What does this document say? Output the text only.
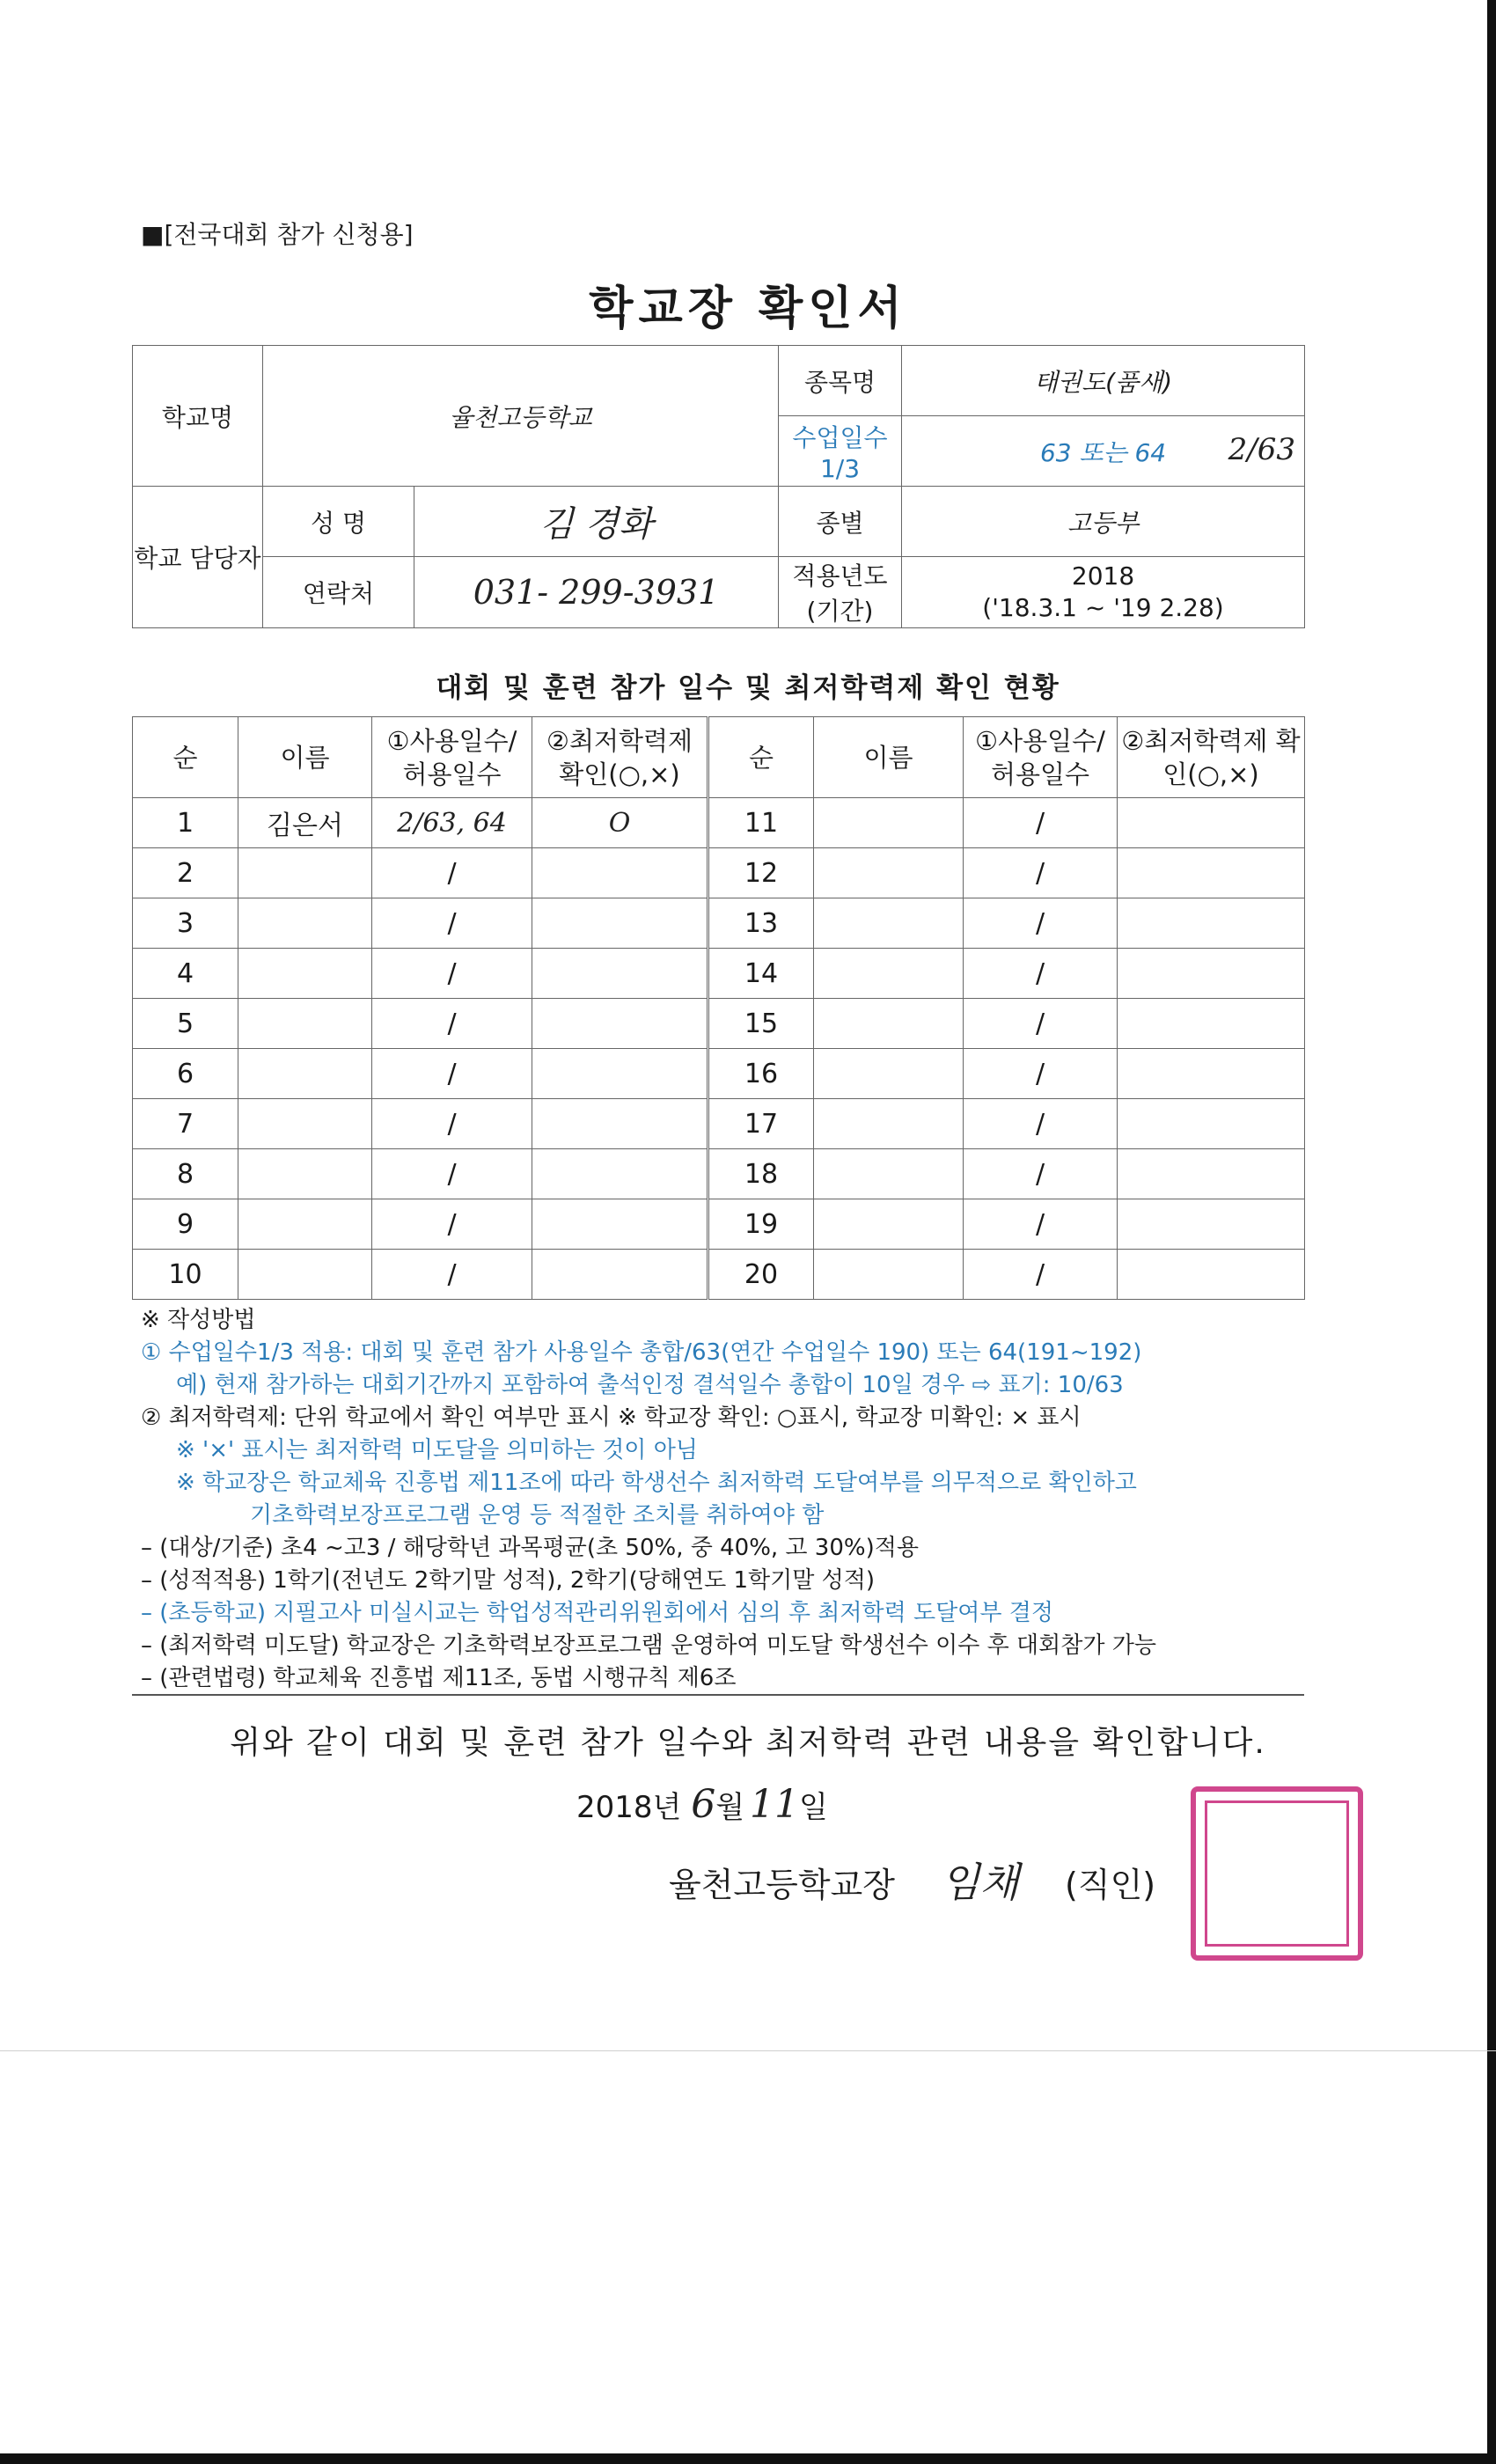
■[전국대회 참가 신청용]
학교장 확인서
학교명	율천고등학교		종목명	태권도(품새)
			수업일수 1/3	63 또는 64 2/63

학교 담당자	성 명	김 경화	종별	고등부
	연락처	031- 299-3931	적용년도 (기간)	2018
('18.3.1 ~ '19 2.28)
대회 및 훈련 참가 일수 및 최저학력제 확인 현황
순	이름	①사용일수/ 허용일수	②최저학력제 확인(○,×)	순	이름	①사용일수/ 허용일수	②최저학력제 확인(○,×)
1	김은서	2/63, 64	O	11		/	
2		/		12		/	
3		/		13		/	
4		/		14		/	
5		/		15		/	
6		/		16		/	
7		/		17		/	
8		/		18		/	
9		/		19		/	
10		/		20		/	
※ 작성방법
① 수업일수1/3 적용: 대회 및 훈련 참가 사용일수 총합/63(연간 수업일수 190) 또는 64(191~192)
예) 현재 참가하는 대회기간까지 포함하여 출석인정 결석일수 총합이 10일 경우 ⇨ 표기: 10/63
② 최저학력제: 단위 학교에서 확인 여부만 표시 ※ 학교장 확인: ○표시, 학교장 미확인: × 표시
※ '×' 표시는 최저학력 미도달을 의미하는 것이 아님
※ 학교장은 학교체육 진흥법 제11조에 따라 학생선수 최저학력 도달여부를 의무적으로 확인하고
기초학력보장프로그램 운영 등 적절한 조치를 취하여야 함
– (대상/기준) 초4 ~고3 / 해당학년 과목평균(초 50%, 중 40%, 고 30%)적용
– (성적적용) 1학기(전년도 2학기말 성적), 2학기(당해연도 1학기말 성적)
– (초등학교) 지필고사 미실시교는 학업성적관리위원회에서 심의 후 최저학력 도달여부 결정
– (최저학력 미도달) 학교장은 기초학력보장프로그램 운영하여 미도달 학생선수 이수 후 대회참가 가능
– (관련법령) 학교체육 진흥법 제11조, 동법 시행규칙 제6조
위와 같이 대회 및 훈련 참가 일수와 최저학력 관련 내용을 확인합니다.
2018년 6월 11일
율천고등학교장 임채 (직인)
